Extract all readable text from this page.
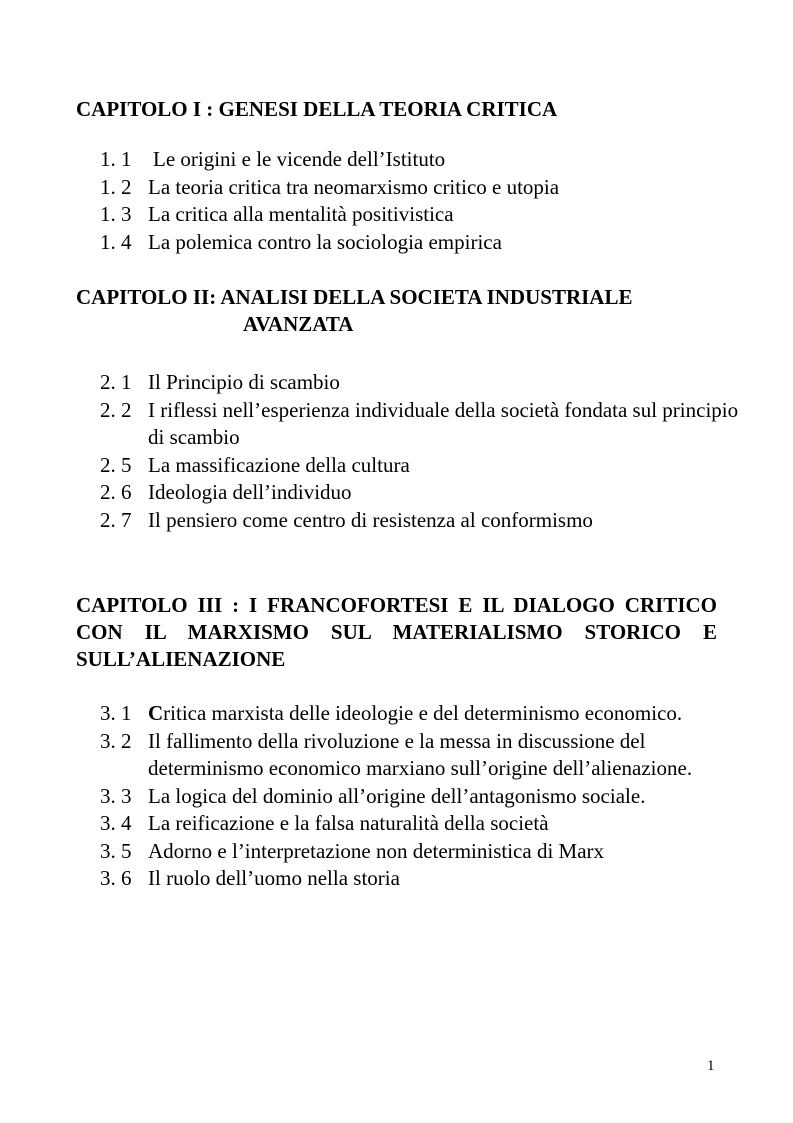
CAPITOLO I : GENESI DELLA TEORIA CRITICA
1. 1 Le origini e le vicende dell’Istituto
1. 2 La teoria critica tra neomarxismo critico e utopia
1. 3 La critica alla mentalità positivistica
1. 4 La polemica contro la sociologia empirica
CAPITOLO II: ANALISI DELLA SOCIETA INDUSTRIALE
AVANZATA
2. 1 Il Principio di scambio
2. 2 I riflessi nell’esperienza individuale della società fondata sul principio di scambio
2. 5 La massificazione della cultura
2. 6 Ideologia dell’individuo
2. 7 Il pensiero come centro di resistenza al conformismo
CAPITOLO III : I FRANCOFORTESI E IL DIALOGO CRITICO CON IL MARXISMO SUL MATERIALISMO STORICO E SULL’ALIENAZIONE
3. 1 Critica marxista delle ideologie e del determinismo economico.
3. 2 Il fallimento della rivoluzione e la messa in discussione del determinismo economico marxiano sull’origine dell’alienazione.
3. 3 La logica del dominio all’origine dell’antagonismo sociale.
3. 4 La reificazione e la falsa naturalità della società
3. 5 Adorno e l’interpretazione non deterministica di Marx
3. 6 Il ruolo dell’uomo nella storia
1
